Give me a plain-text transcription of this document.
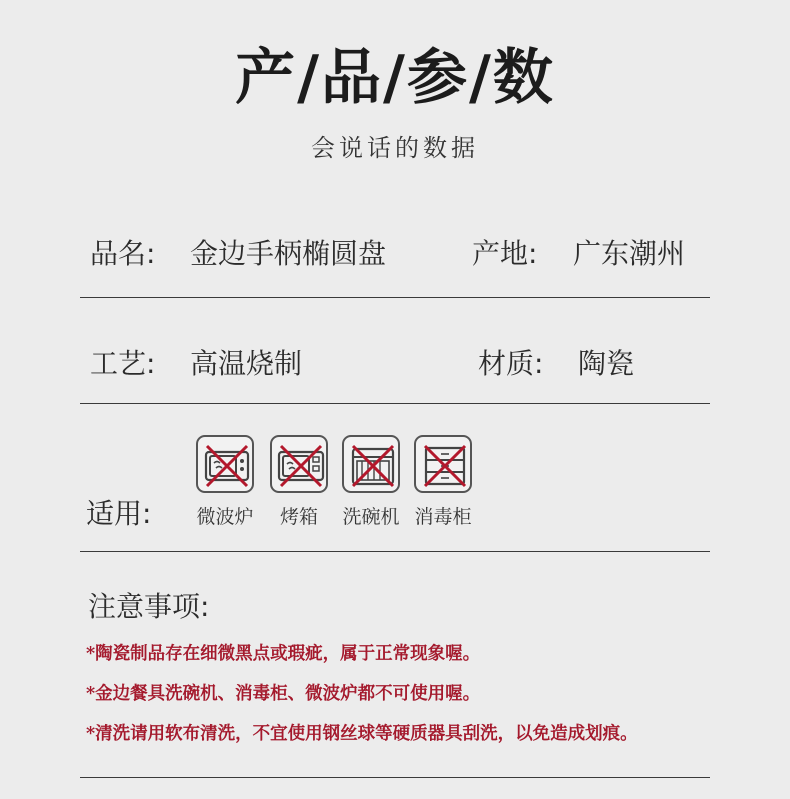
产/品/参/数
会说话的数据
品名: 金边手柄椭圆盘	产地: 广东潮州
工艺: 高温烧制	材质: 陶瓷
适用:	微波炉	烤箱	洗碗机 消毒柜
注意事项:
*陶瓷制品存在细微黑点或瑕疵，属于正常现象喔。
*金边餐具洗碗机、消毒柜、微波炉都不可使用喔。
*清洗请用软布清洗，不宜使用钢丝球等硬质器具刮洗，以免造成划痕。
